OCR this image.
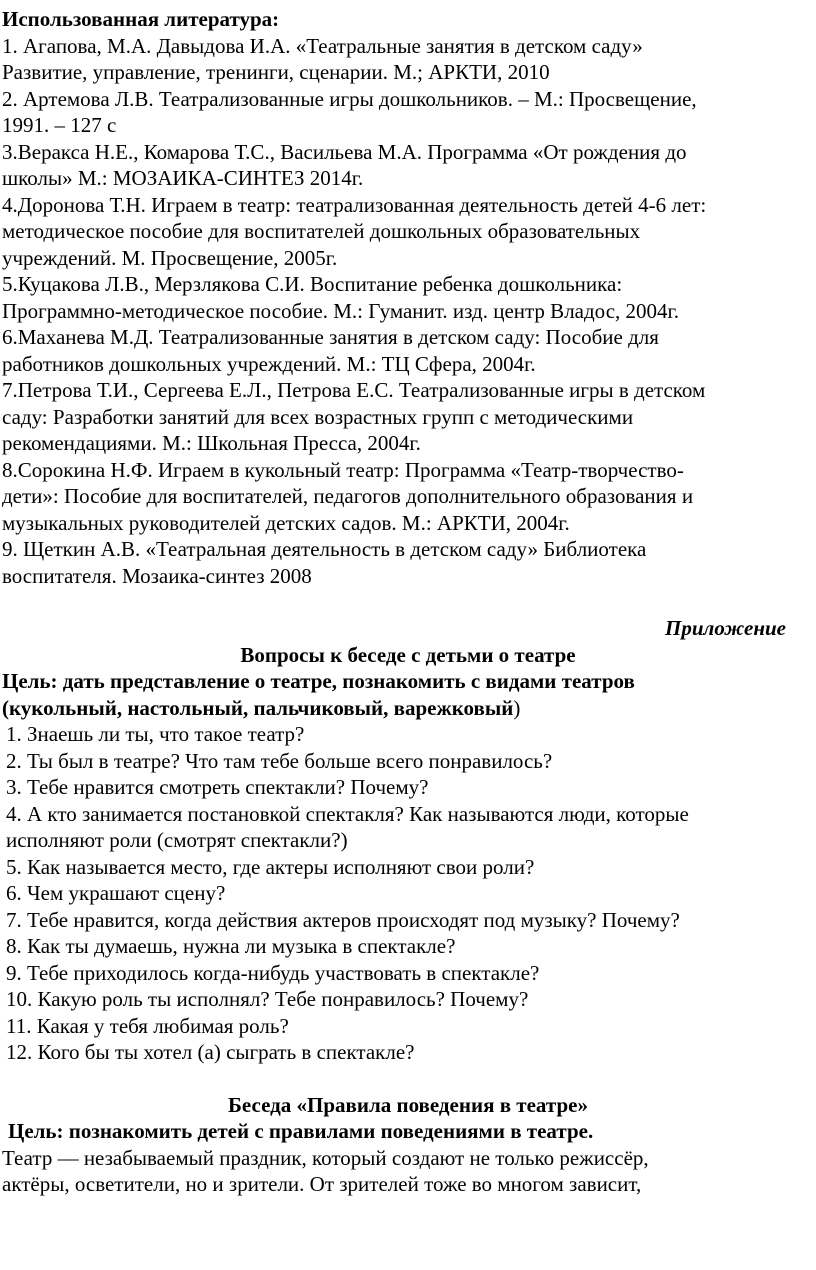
Использованная литература:
1. Агапова, М.А. Давыдова И.А. «Театральные занятия в детском саду»
Развитие, управление, тренинги, сценарии. М.; АРКТИ, 2010
2. Артемова Л.В. Театрализованные игры дошкольников. – М.: Просвещение,
1991. – 127 с
3.Веракса Н.Е., Комарова Т.С., Васильева М.А. Программа «От рождения до
школы» М.: МОЗАИКА-СИНТЕЗ 2014г.
4.Доронова Т.Н. Играем в театр: театрализованная деятельность детей 4-6 лет:
методическое пособие для воспитателей дошкольных образовательных
учреждений. М. Просвещение, 2005г.
5.Куцакова Л.В., Мерзлякова С.И. Воспитание ребенка дошкольника:
Программно-методическое пособие. М.: Гуманит. изд. центр Владос, 2004г.
6.Маханева М.Д. Театрализованные занятия в детском саду: Пособие для
работников дошкольных учреждений. М.: ТЦ Сфера, 2004г.
7.Петрова Т.И., Сергеева Е.Л., Петрова Е.С. Театрализованные игры в детском
саду: Разработки занятий для всех возрастных групп с методическими
рекомендациями. М.: Школьная Пресса, 2004г.
8.Сорокина Н.Ф. Играем в кукольный театр: Программа «Театр-творчество-
дети»: Пособие для воспитателей, педагогов дополнительного образования и
музыкальных руководителей детских садов. М.: АРКТИ, 2004г.
9. Щеткин А.В. «Театральная деятельность в детском саду» Библиотека
воспитателя. Мозаика-синтез 2008
Приложение
Вопросы к беседе с детьми о театре
Цель: дать представление о театре, познакомить с видами театров
(кукольный, настольный, пальчиковый, варежковый)
1. Знаешь ли ты, что такое театр?
2. Ты был в театре? Что там тебе больше всего понравилось?
3. Тебе нравится смотреть спектакли? Почему?
4. А кто занимается постановкой спектакля? Как называются люди, которые
исполняют роли (смотрят спектакли?)
5. Как называется место, где актеры исполняют свои роли?
6. Чем украшают сцену?
7. Тебе нравится, когда действия актеров происходят под музыку? Почему?
8. Как ты думаешь, нужна ли музыка в спектакле?
9. Тебе приходилось когда-нибудь участвовать в спектакле?
10. Какую роль ты исполнял? Тебе понравилось? Почему?
11. Какая у тебя любимая роль?
12. Кого бы ты хотел (а) сыграть в спектакле?
Беседа «Правила поведения в театре»
Цель: познакомить детей с правилами поведениями в театре.
Театр — незабываемый праздник, который создают не только режиссёр,
актёры, осветители, но и зрители. От зрителей тоже во многом зависит,
